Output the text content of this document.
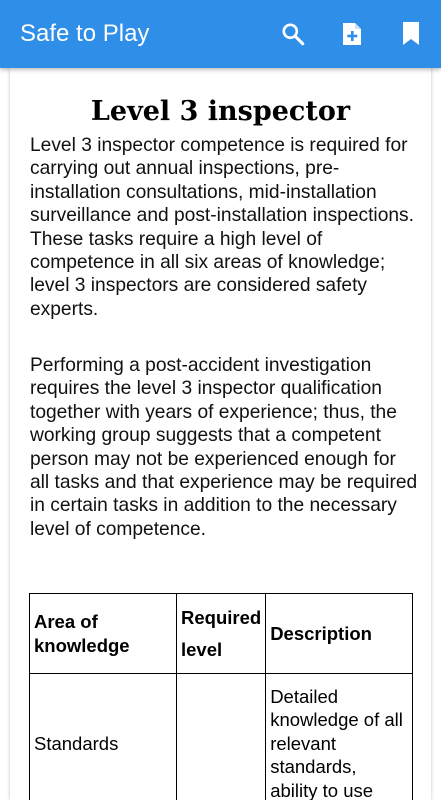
Safe to Play
Level 3 inspector
Level 3 inspector competence is required for carrying out annual inspections, pre-installation consultations, mid-installation surveillance and post-installation inspections. These tasks require a high level of competence in all six areas of knowledge; level 3 inspectors are considered safety experts.
Performing a post-accident investigation requires the level 3 inspector qualification together with years of experience; thus, the working group suggests that a competent person may not be experienced enough for all tasks and that experience may be required in certain tasks in addition to the necessary level of competence.
Area of knowledge	Required level	Description
Standards		Detailed knowledge of all relevant standards, ability to use
